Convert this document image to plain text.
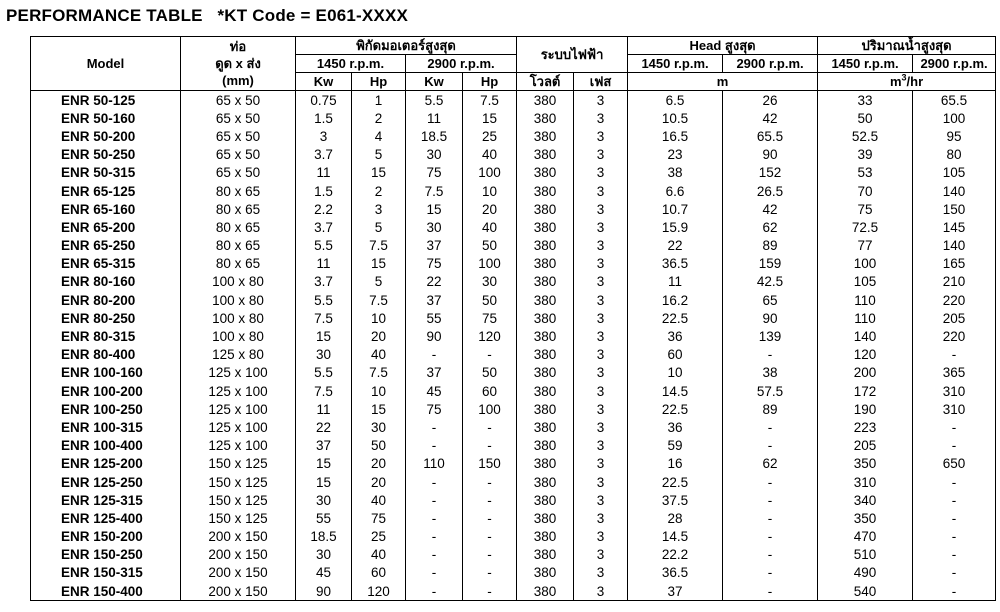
PERFORMANCE TABLE   *KT Code = E061-XXXX
Model	ท่อ
ดูด x ส่ง
(mm)	พิกัดมอเตอร์สูงสุด				ระบบไฟฟ้า		Head สูงสุด		ปริมาณน้ำสูงสุด	
		1450 r.p.m.		2900 r.p.m.				1450 r.p.m.	2900 r.p.m.	1450 r.p.m.	2900 r.p.m.
		Kw	Hp	Kw	Hp	โวลต์	เฟส	m		$m^3/hr$	
ENR 50-125	65 x 50	0.75	1	5.5	7.5	380	3	6.5	26	33	65.5
ENR 50-160	65 x 50	1.5	2	11	15	380	3	10.5	42	50	100
ENR 50-200	65 x 50	3	4	18.5	25	380	3	16.5	65.5	52.5	95
ENR 50-250	65 x 50	3.7	5	30	40	380	3	23	90	39	80
ENR 50-315	65 x 50	11	15	75	100	380	3	38	152	53	105
ENR 65-125	80 x 65	1.5	2	7.5	10	380	3	6.6	26.5	70	140
ENR 65-160	80 x 65	2.2	3	15	20	380	3	10.7	42	75	150
ENR 65-200	80 x 65	3.7	5	30	40	380	3	15.9	62	72.5	145
ENR 65-250	80 x 65	5.5	7.5	37	50	380	3	22	89	77	140
ENR 65-315	80 x 65	11	15	75	100	380	3	36.5	159	100	165
ENR 80-160	100 x 80	3.7	5	22	30	380	3	11	42.5	105	210
ENR 80-200	100 x 80	5.5	7.5	37	50	380	3	16.2	65	110	220
ENR 80-250	100 x 80	7.5	10	55	75	380	3	22.5	90	110	205
ENR 80-315	100 x 80	15	20	90	120	380	3	36	139	140	220
ENR 80-400	125 x 80	30	40	-	-	380	3	60	-	120	-
ENR 100-160	125 x 100	5.5	7.5	37	50	380	3	10	38	200	365
ENR 100-200	125 x 100	7.5	10	45	60	380	3	14.5	57.5	172	310
ENR 100-250	125 x 100	11	15	75	100	380	3	22.5	89	190	310
ENR 100-315	125 x 100	22	30	-	-	380	3	36	-	223	-
ENR 100-400	125 x 100	37	50	-	-	380	3	59	-	205	-
ENR 125-200	150 x 125	15	20	110	150	380	3	16	62	350	650
ENR 125-250	150 x 125	15	20	-	-	380	3	22.5	-	310	-
ENR 125-315	150 x 125	30	40	-	-	380	3	37.5	-	340	-
ENR 125-400	150 x 125	55	75	-	-	380	3	28	-	350	-
ENR 150-200	200 x 150	18.5	25	-	-	380	3	14.5	-	470	-
ENR 150-250	200 x 150	30	40	-	-	380	3	22.2	-	510	-
ENR 150-315	200 x 150	45	60	-	-	380	3	36.5	-	490	-
ENR 150-400	200 x 150	90	120	-	-	380	3	37	-	540	-
